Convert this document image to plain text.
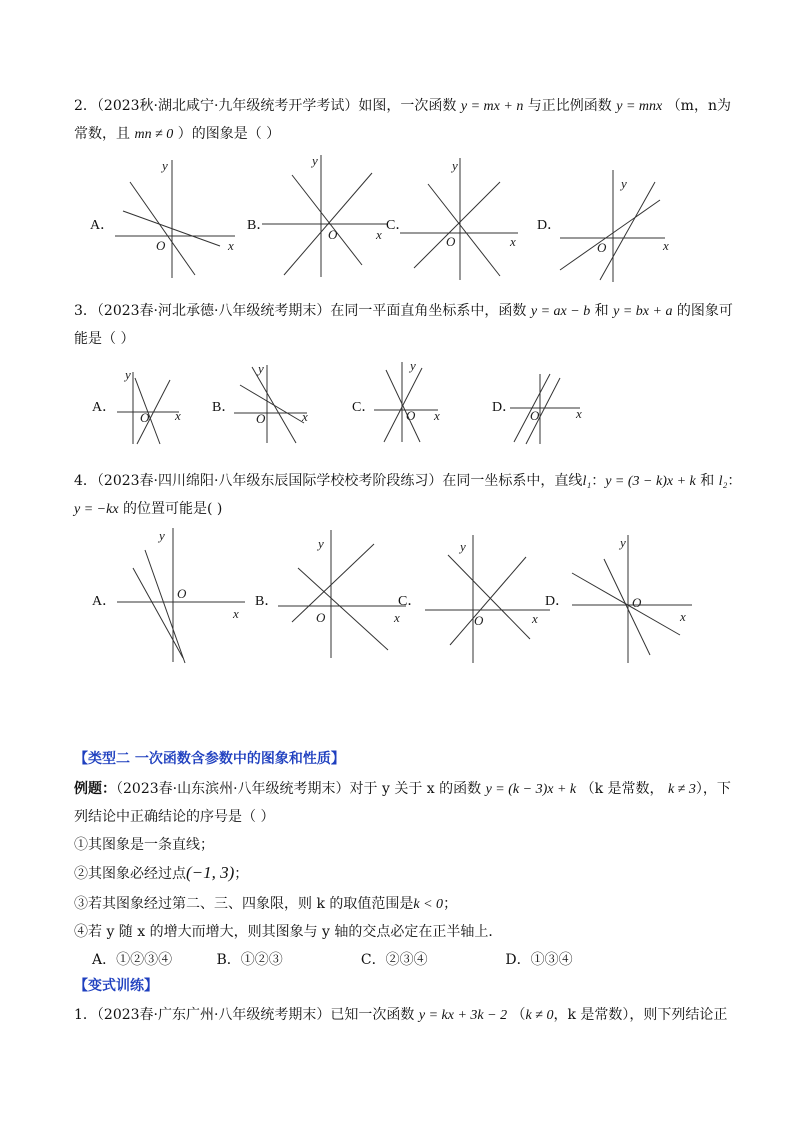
2．（2023秋·湖北咸宁·九年级统考开学考试）如图，一次函数 y = mx + n 与正比例函数 y = mnx （m，n为
常数，且 mn ≠ 0 ）的图象是（ ）
A．
y
x
O
B．
y
x
O
C．
y
x
O
D．
y
x
O
3．（2023春·河北承德·八年级统考期末）在同一平面直角坐标系中，函数 y = ax − b 和 y = bx + a 的图象可
能是（ ）
A．
y
x
O
B．
y
x
O
C．
y
x
O
D．	x
O
4．（2023春·四川绵阳·八年级东辰国际学校校考阶段练习）在同一坐标系中，直线l₁：y = (3 − k)x + k 和 l₂：
y = −kx 的位置可能是( )
A．
y
x
O
B．
y
x
O
C．
y
x
O
D．
y
x
O
【类型二 一次函数含参数中的图象和性质】
例题：（2023春·山东滨州·八年级统考期末）对于 y 关于 x 的函数 y = (k − 3)x + k （k 是常数， k ≠ 3），下
列结论中正确结论的序号是（ ）
①其图象是一条直线；
②其图象必经过点(−1, 3)；
③若其图象经过第二、三、四象限，则 k 的取值范围是k < 0；
④若 y 随 x 的增大而增大，则其图象与 y 轴的交点必定在正半轴上．
A．①②③④	B．①②③	C．②③④	D．①③④
【变式训练】
1．（2023春·广东广州·八年级统考期末）已知一次函数 y = kx + 3k − 2 （k ≠ 0，k 是常数），则下列结论正
